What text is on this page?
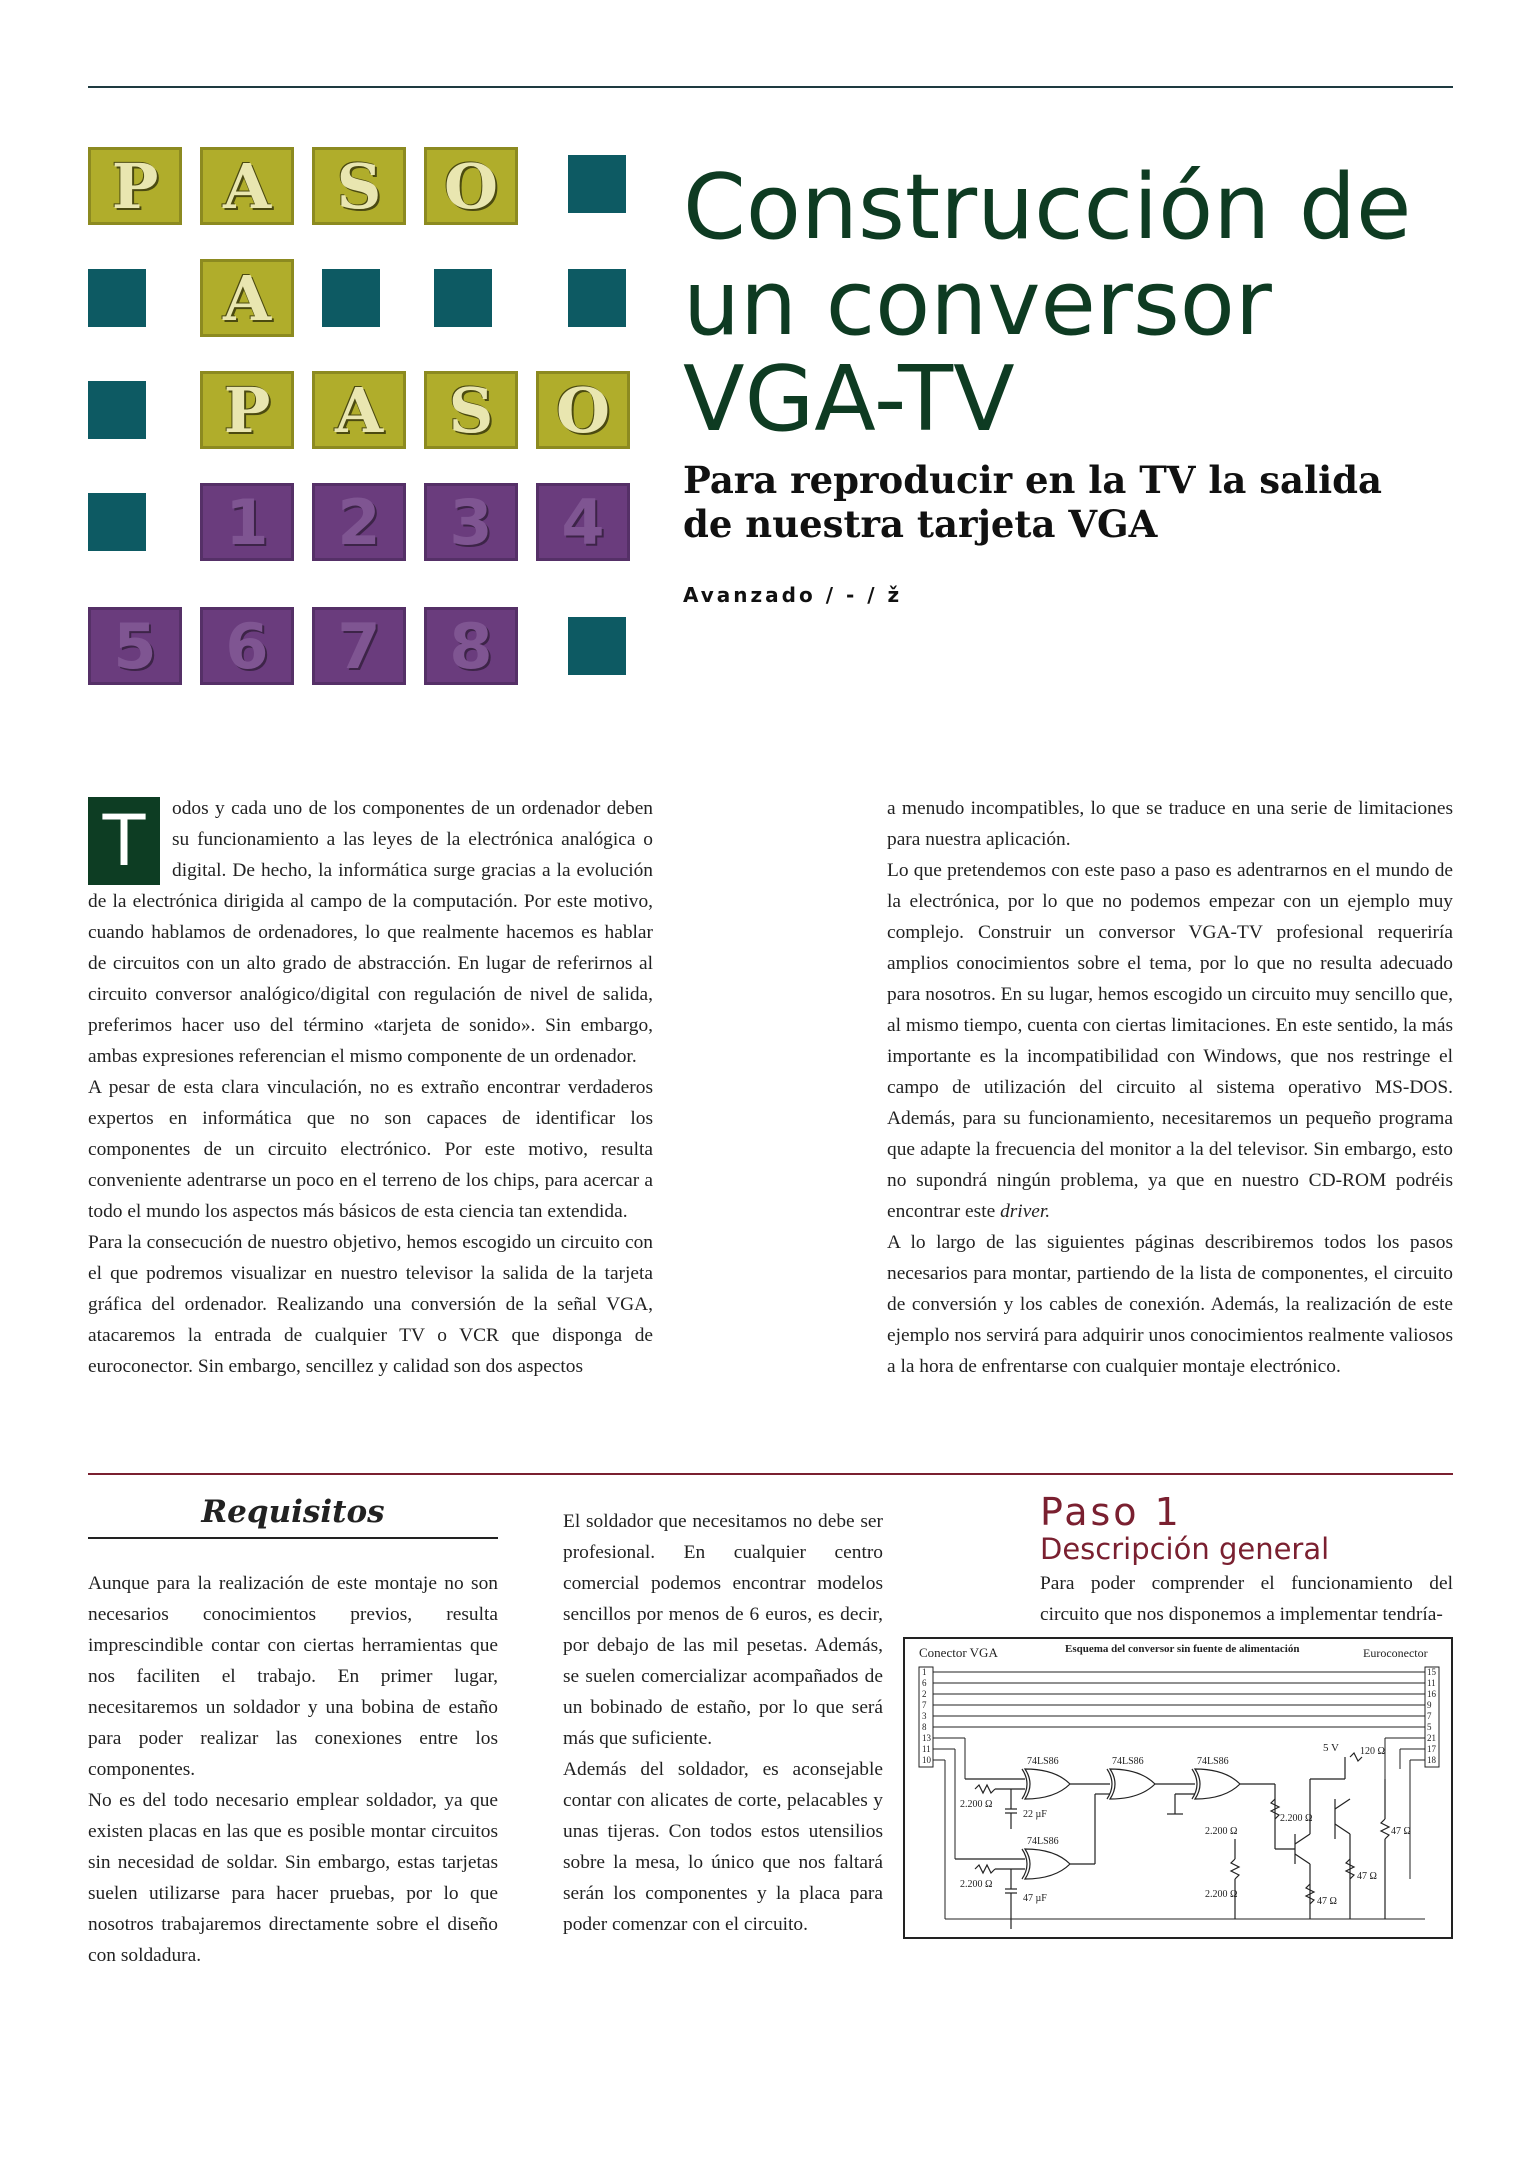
P	A	S	O
A
P	A	S	O
1	2	3	4
5	6	7	8
Construcción de un conversor VGA-TV
Para reproducir en la TV la salida de nuestra tarjeta VGA
Avanzado / - / ž

T	odos y cada uno de los componentes de un ordenador deben su funcionamiento a las leyes de la electrónica analógica o digital. De hecho, la informática surge gracias a la evolución de la electrónica dirigida al campo de la computación. Por este motivo, cuando hablamos de ordenadores, lo que realmente hacemos es hablar de circuitos con un alto grado de abstracción. En lugar de referirnos al circuito conversor analógico/digital con regulación de nivel de salida, preferimos hacer uso del término «tarjeta de sonido». Sin embargo, ambas expresiones referencian el mismo componente de un ordenador.

A pesar de esta clara vinculación, no es extraño encontrar verdaderos expertos en informática que no son capaces de identificar los componentes de un circuito electrónico. Por este motivo, resulta conveniente adentrarse un poco en el terreno de los chips, para acercar a todo el mundo los aspectos más básicos de esta ciencia tan extendida.

Para la consecución de nuestro objetivo, hemos escogido un circuito con el que podremos visualizar en nuestro televisor la salida de la tarjeta gráfica del ordenador. Realizando una conversión de la señal VGA, atacaremos la entrada de cualquier TV o VCR que disponga de euroconector. Sin embargo, sencillez y calidad son dos aspectos

a menudo incompatibles, lo que se traduce en una serie de limitaciones para nuestra aplicación.

Lo que pretendemos con este paso a paso es adentrarnos en el mundo de la electrónica, por lo que no podemos empezar con un ejemplo muy complejo. Construir un conversor VGA-TV profesional requeriría amplios conocimientos sobre el tema, por lo que no resulta adecuado para nosotros. En su lugar, hemos escogido un circuito muy sencillo que, al mismo tiempo, cuenta con ciertas limitaciones. En este sentido, la más importante es la incompatibilidad con Windows, que nos restringe el campo de utilización del circuito al sistema operativo MS-DOS. Además, para su funcionamiento, necesitaremos un pequeño programa que adapte la frecuencia del monitor a la del televisor. Sin embargo, esto no supondrá ningún problema, ya que en nuestro CD-ROM podréis encontrar este driver.

A lo largo de las siguientes páginas describiremos todos los pasos necesarios para montar, partiendo de la lista de componentes, el circuito de conversión y los cables de conexión. Además, la realización de este ejemplo nos servirá para adquirir unos conocimientos realmente valiosos a la hora de enfrentarse con cualquier montaje electrónico.

Requisitos

Aunque para la realización de este montaje no son necesarios conocimientos previos, resulta imprescindible contar con ciertas herramientas que nos faciliten el trabajo. En primer lugar, necesitaremos un soldador y una bobina de estaño para poder realizar las conexiones entre los componentes.

No es del todo necesario emplear soldador, ya que existen placas en las que es posible montar circuitos sin necesidad de soldar. Sin embargo, estas tarjetas suelen utilizarse para hacer pruebas, por lo que nosotros trabajaremos directamente sobre el diseño con soldadura.

El soldador que necesitamos no debe ser profesional. En cualquier centro comercial podemos encontrar modelos sencillos por menos de 6 euros, es decir, por debajo de las mil pesetas. Además, se suelen comercializar acompañados de un bobinado de estaño, por lo que será más que suficiente.

Además del soldador, es aconsejable contar con alicates de corte, pelacables y unas tijeras. Con todos estos utensilios sobre la mesa, lo único que nos faltará serán los componentes y la placa para poder comenzar con el circuito.

Paso 1
Descripción general

Para poder comprender el funcionamiento del circuito que nos disponemos a implementar tendría-

Conector VGA	Esquema del conversor sin fuente de alimentación	Euroconector
1
6
2
7
3
8
13
11
10
15
11
16
9
7
5
21
17
18
74LS86	74LS86	74LS86
74LS86
2.200 Ω
2.200 Ω
2.200 Ω
2.200 Ω
2.200 Ω
120 Ω
47 Ω
47 Ω
47 Ω
22 µF
47 µF
5 V
